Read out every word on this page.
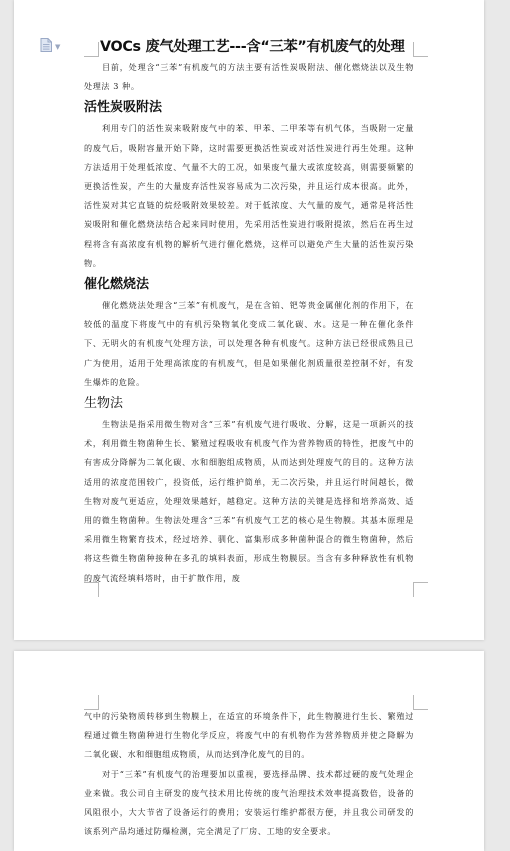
▼	VOCs 废气处理工艺---含“三苯”有机废气的处理

目前，处理含“三苯”有机废气的方法主要有活性炭吸附法、催化燃烧法以及生物处理法 3 种。

活性炭吸附法

利用专门的活性炭来吸附废气中的苯、甲苯、二甲苯等有机气体，当吸附一定量的废气后，吸附容量开始下降，这时需要更换活性炭或对活性炭进行再生处理。这种方法适用于处理低浓度、气量不大的工况，如果废气量大或浓度较高，则需要频繁的更换活性炭，产生的大量废弃活性炭容易成为二次污染，并且运行成本很高。此外，活性炭对其它直链的烷烃吸附效果较差。对于低浓度、大气量的废气，通常是将活性炭吸附和催化燃烧法结合起来同时使用，先采用活性炭进行吸附提浓，然后在再生过程将含有高浓度有机物的解析气进行催化燃烧，这样可以避免产生大量的活性炭污染物。

催化燃烧法

催化燃烧法处理含“三苯”有机废气，是在含铂、钯等贵金属催化剂的作用下，在较低的温度下将废气中的有机污染物氧化变成二氧化碳、水。这是一种在催化条件下、无明火的有机废气处理方法，可以处理各种有机废气。这种方法已经很成熟且已广为使用，适用于处理高浓度的有机废气，但是如果催化剂质量很差控制不好，有发生爆炸的危险。

生物法

生物法是指采用微生物对含“三苯”有机废气进行吸收、分解，这是一项新兴的技术，利用微生物菌种生长、繁殖过程吸收有机废气作为营养物质的特性，把废气中的有害成分降解为二氧化碳、水和细胞组成物质，从而达到处理废气的目的。这种方法适用的浓度范围较广，投资低，运行维护简单，无二次污染，并且运行时间越长，微生物对废气更适应，处理效果越好，越稳定。这种方法的关键是选择和培养高效、适用的微生物菌种。生物法处理含“三苯”有机废气工艺的核心是生物膜。其基本原理是采用微生物繁育技术，经过培养、驯化、富集形成多种菌种混合的微生物菌种，然后将这些微生物菌种接种在多孔的填料表面，形成生物膜层。当含有多种释放性有机物的废气流经填料塔时，由于扩散作用，废

气中的污染物质转移到生物膜上，在适宜的环境条件下，此生物膜进行生长、繁殖过程通过微生物菌种进行生物化学反应，将废气中的有机物作为营养物质并使之降解为二氧化碳、水和细胞组成物质，从而达到净化废气的目的。

对于“三苯”有机废气的治理要加以重视，要选择品牌、技术都过硬的废气处理企业来做。我公司自主研发的废气技术用比传统的废气治理技术效率提高数倍，设备的风阻很小，大大节省了设备运行的费用；安装运行维护都很方便，并且我公司研发的该系列产品均通过防爆检测，完全满足了厂房、工地的安全要求。
